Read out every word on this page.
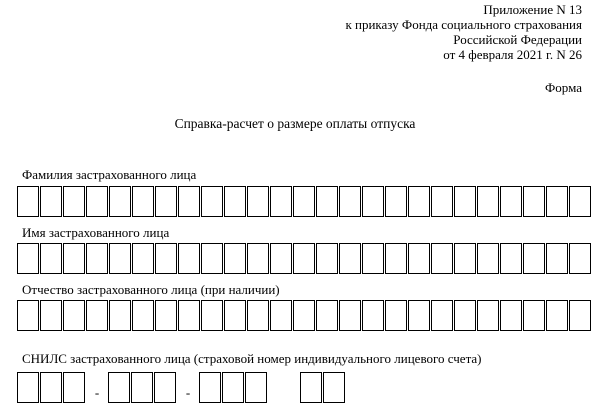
Приложение N 13
к приказу Фонда социального страхования
Российской Федерации
от 4 февраля 2021 г. N 26
Форма
Справка-расчет о размере оплаты отпуска
Фамилия застрахованного лица
Имя застрахованного лица
Отчество застрахованного лица (при наличии)
СНИЛС застрахованного лица (страховой номер индивидуального лицевого счета)
-	-
